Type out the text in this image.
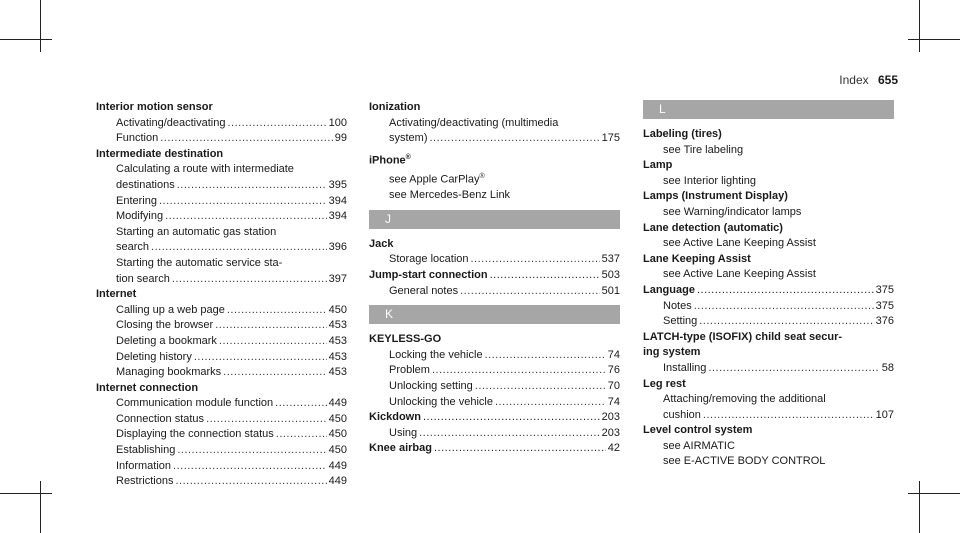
Index 655
Interior motion sensor
Activating/deactivating .....	100
Function .....	99
Intermediate destination
Calculating a route with intermediate
destinations .....	395
Entering .....	394
Modifying .....	394
Starting an automatic gas station
search .....	396
Starting the automatic service sta-
tion search .....	397
Internet
Calling up a web page .....	450
Closing the browser .....	453
Deleting a bookmark .....	453
Deleting history .....	453
Managing bookmarks .....	453
Internet connection
Communication module function .....	449
Connection status .....	450
Displaying the connection status .....	450
Establishing .....	450
Information .....	449
Restrictions .....	449
Ionization
Activating/deactivating (multimedia
system) .....	175
iPhone®
see Apple CarPlay®
see Mercedes-Benz Link
J
Jack
Storage location .....	537
Jump-start connection .....	503
General notes .....	501
K
KEYLESS-GO
Locking the vehicle .....	74
Problem .....	76
Unlocking setting .....	70
Unlocking the vehicle .....	74
Kickdown .....	203
Using .....	203
Knee airbag .....	42
L
Labeling (tires)
see Tire labeling
Lamp
see Interior lighting
Lamps (Instrument Display)
see Warning/indicator lamps
Lane detection (automatic)
see Active Lane Keeping Assist
Lane Keeping Assist
see Active Lane Keeping Assist
Language .....	375
Notes .....	375
Setting .....	376
LATCH-type (ISOFIX) child seat secur-
ing system
Installing .....	58
Leg rest
Attaching/removing the additional
cushion .....	107
Level control system
see AIRMATIC
see E-ACTIVE BODY CONTROL
